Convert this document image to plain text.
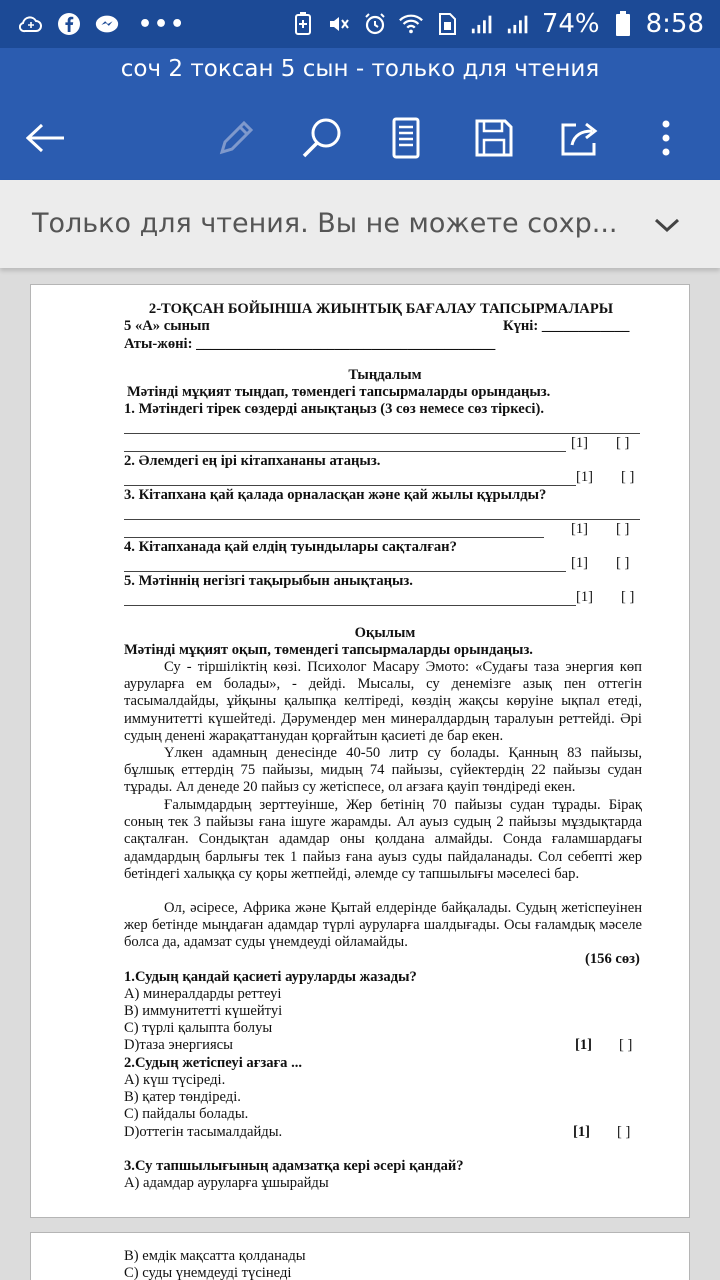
•••	74% 8:58
соч 2 токсан 5 сын - только для чтения
Только для чтения. Вы не можете сохр...
2-ТОҚСАН БОЙЫНША ЖИЫНТЫҚ БАҒАЛАУ ТАПСЫРМАЛАРЫ
5 «А» сынып	Күні: ____________
Аты-жөні: _________________________________________
Тыңдалым
Мәтінді мұқият тыңдап, төмендегі тапсырмаларды орындаңыз.
1. Мәтіндегі тірек сөздерді анықтаңыз (3 сөз немесе сөз тіркесі).
[1] [ ]
2. Әлемдегі ең ірі кітапхананы атаңыз.
[1] [ ]
3. Кітапхана қай қалада орналасқан және қай жылы құрылды?
[1] [ ]
4. Кітапханада қай елдің туындылары сақталған?
[1] [ ]
5. Мәтіннің негізгі тақырыбын анықтаңыз.
[1] [ ]
Оқылым
Мәтінді мұқият оқып, төмендегі тапсырмаларды орындаңыз.
Су - тіршіліктің көзі. Психолог Масару Эмото: «Судағы таза энергия көп ауруларға ем болады», - дейді. Мысалы, су денемізге азық пен оттегін тасымалдайды, ұйқыны қалыпқа келтіреді, көздің жақсы көруіне ықпал етеді, иммунитетті күшейтеді. Дәрумендер мен минералдардың таралуын реттейді. Әрі судың денені жарақаттанудан қорғайтын қасиеті де бар екен.
Үлкен адамның денесінде 40-50 литр су болады. Қанның 83 пайызы, бұлшық еттердің 75 пайызы, мидың 74 пайызы, сүйектердің 22 пайызы судан тұрады. Ал денеде 20 пайыз су жетіспесе, ол ағзаға қауіп төндіреді екен.
Ғалымдардың зерттеуінше, Жер бетінің 70 пайызы судан тұрады. Бірақ соның тек 3 пайызы ғана ішуге жарамды. Ал ауыз судың 2 пайызы мұздықтарда сақталған. Сондықтан адамдар оны қолдана алмайды. Сонда ғаламшардағы адамдардың барлығы тек 1 пайыз ғана ауыз суды пайдаланады. Сол себепті жер бетіндегі халыққа су қоры жетпейді, әлемде су тапшылығы мәселесі бар.
Ол, әсіресе, Африка және Қытай елдерінде байқалады. Судың жетіспеуінен жер бетінде мыңдаған адамдар түрлі ауруларға шалдығады. Осы ғаламдық мәселе болса да, адамзат суды үнемдеуді ойламайды.
(156 сөз)
1.Судың қандай қасиеті ауруларды жазады?
A) минералдарды реттеуі
B) иммунитетті күшейтуі
C) түрлі қалыпта болуы
D)таза энергиясы	[1] [ ]
2.Судың жетіспеуі ағзаға ...
A) күш түсіреді.
B) қатер төндіреді.
C) пайдалы болады.
D)оттегін тасымалдайды.	[1] [ ]
3.Су тапшылығының адамзатқа кері әсері қандай?
A) адамдар ауруларға ұшырайды
B) емдік мақсатта қолданады
C) суды үнемдеуді түсінеді
